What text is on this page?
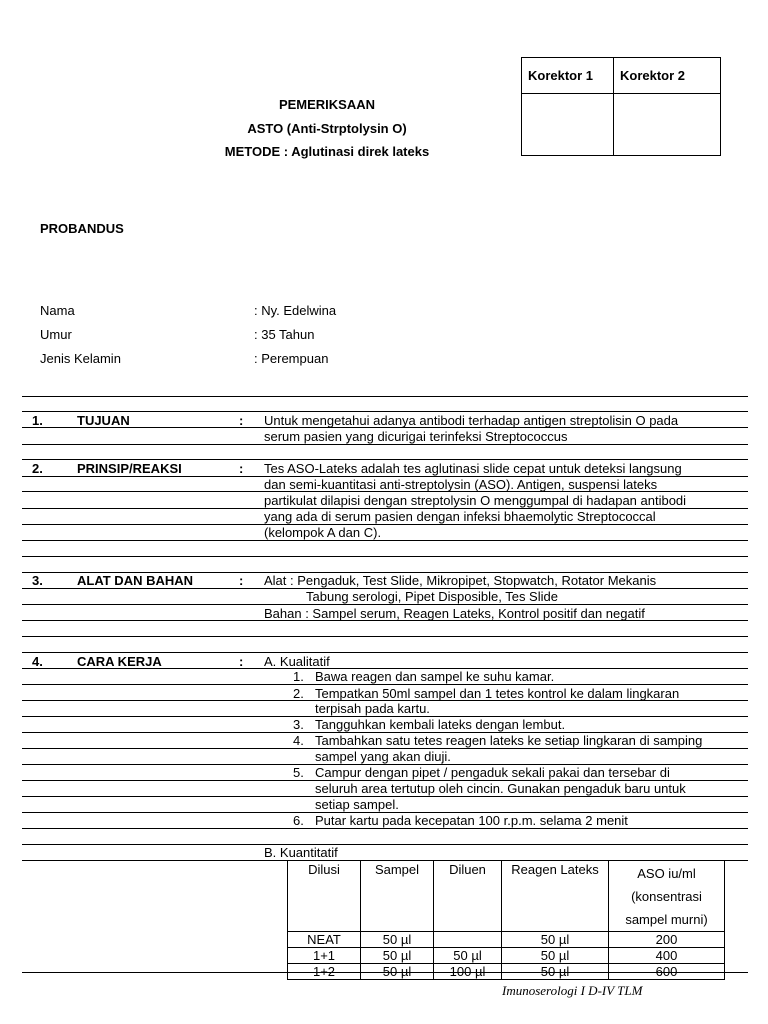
Korektor 1	Korektor 2

PEMERIKSAAN
ASTO (Anti-Strptolysin O)
METODE : Aglutinasi direk lateks
PROBANDUS
Nama	: Ny. Edelwina
Umur	: 35 Tahun
Jenis Kelamin	: Perempuan
1.	TUJUAN	: Untuk mengetahui adanya antibodi terhadap antigen streptolisin O pada
serum pasien yang dicurigai terinfeksi Streptococcus
2.	PRINSIP/REAKSI	: Tes ASO-Lateks adalah tes aglutinasi slide cepat untuk deteksi langsung
dan semi-kuantitasi anti-streptolysin (ASO). Antigen, suspensi lateks
partikulat dilapisi dengan streptolysin O menggumpal di hadapan antibodi
yang ada di serum pasien dengan infeksi bhaemolytic Streptococcal
(kelompok A dan C).
3.	ALAT DAN BAHAN	: Alat : Pengaduk, Test Slide, Mikropipet, Stopwatch, Rotator Mekanis
Tabung serologi, Pipet Disposible, Tes Slide
Bahan : Sampel serum, Reagen Lateks, Kontrol positif dan negatif
4.	CARA KERJA	: A. Kualitatif
1. Bawa reagen dan sampel ke suhu kamar.
2. Tempatkan 50ml sampel dan 1 tetes kontrol ke dalam lingkaran
terpisah pada kartu.
3. Tangguhkan kembali lateks dengan lembut.
4. Tambahkan satu tetes reagen lateks ke setiap lingkaran di samping
sampel yang akan diuji.
5. Campur dengan pipet / pengaduk sekali pakai dan tersebar di
seluruh area tertutup oleh cincin. Gunakan pengaduk baru untuk
setiap sampel.
6. Putar kartu pada kecepatan 100 r.p.m. selama 2 menit
B. Kuantitatif
Dilusi	Sampel	Diluen	Reagen Lateks	ASO iu/ml
(konsentrasi
sampel murni)

NEAT	50 µl		50 µl	200
1+1	50 µl	50 µl	50 µl	400
1+2	50 µl	100 µl	50 µl	600
Imunoserologi I D-IV TLM
